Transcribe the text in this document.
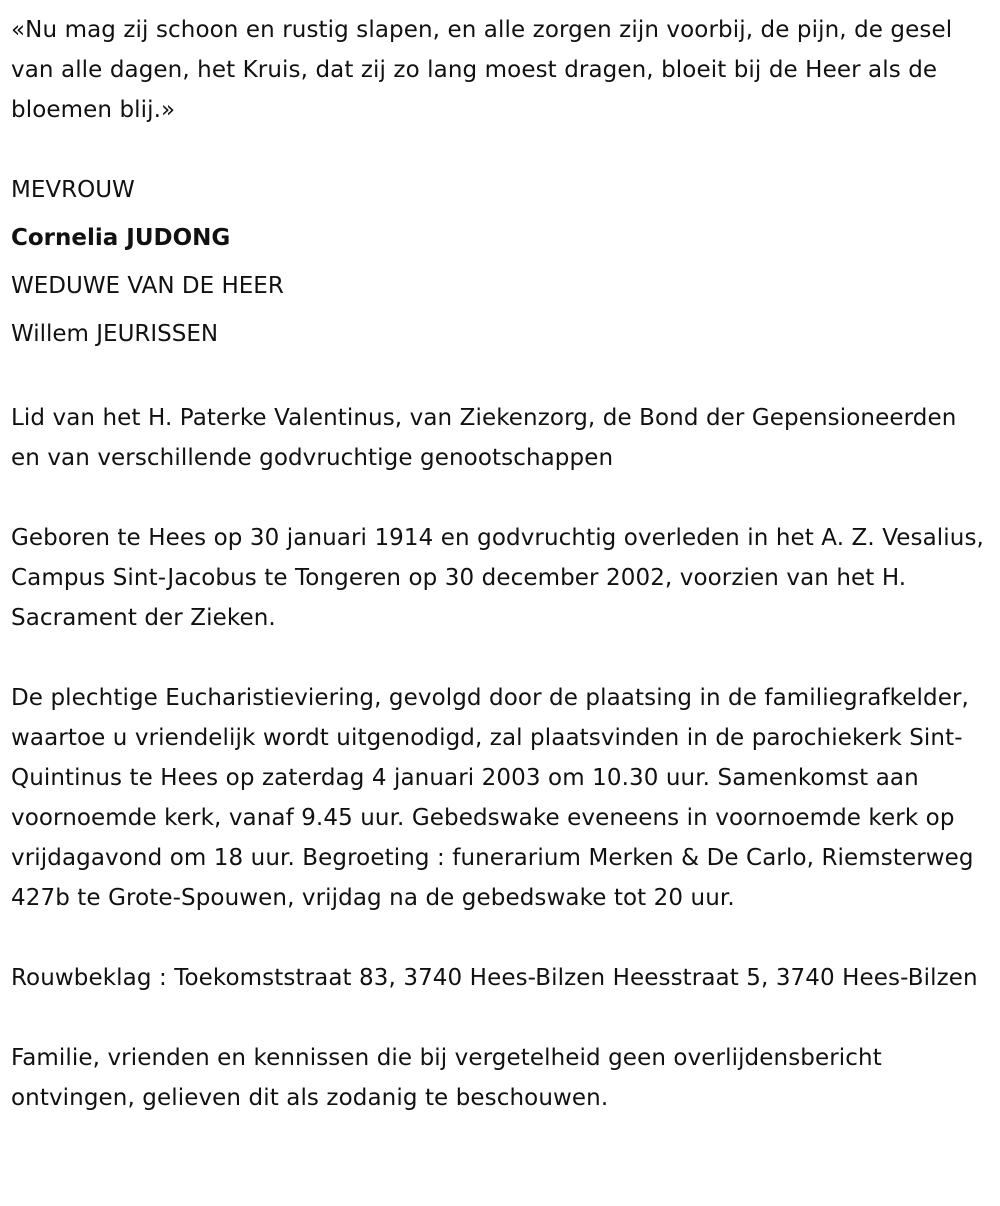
«Nu mag zij schoon en rustig slapen, en alle zorgen zijn voorbij, de pijn, de gesel van alle dagen, het Kruis, dat zij zo lang moest dragen, bloeit bij de Heer als de bloemen blij.»

MEVROUW
Cornelia JUDONG
WEDUWE VAN DE HEER
Willem JEURISSEN

Lid van het H. Paterke Valentinus, van Ziekenzorg, de Bond der Gepensioneerden en van verschillende godvruchtige genootschappen

Geboren te Hees op 30 januari 1914 en godvruchtig overleden in het A. Z. Vesalius, Campus Sint-Jacobus te Tongeren op 30 december 2002, voorzien van het H. Sacrament der Zieken.

De plechtige Eucharistieviering, gevolgd door de plaatsing in de familiegrafkelder, waartoe u vriendelijk wordt uitgenodigd, zal plaatsvinden in de parochiekerk Sint-Quintinus te Hees op zaterdag 4 januari 2003 om 10.30 uur. Samenkomst aan voornoemde kerk, vanaf 9.45 uur. Gebedswake eveneens in voornoemde kerk op vrijdagavond om 18 uur. Begroeting : funerarium Merken & De Carlo, Riemsterweg 427b te Grote-Spouwen, vrijdag na de gebedswake tot 20 uur.

Rouwbeklag : Toekomststraat 83, 3740 Hees-Bilzen Heesstraat 5, 3740 Hees-Bilzen

Familie, vrienden en kennissen die bij vergetelheid geen overlijdensbericht ontvingen, gelieven dit als zodanig te beschouwen.
